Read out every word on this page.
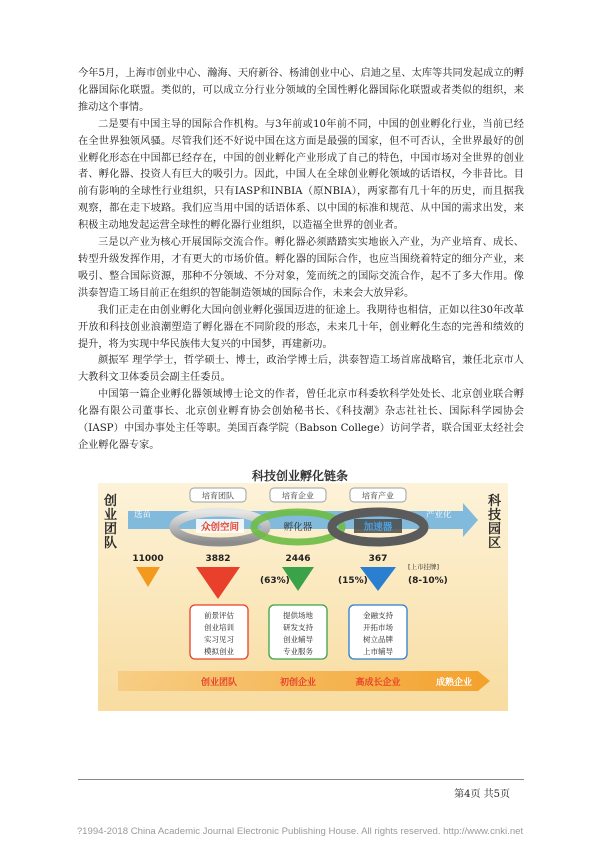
今年5月，上海市创业中心、瀚海、天府新谷、杨浦创业中心、启迪之星、太库等共同发起成立的孵化器国际化联盟。类似的，可以成立分行业分领域的全国性孵化器国际化联盟或者类似的组织，来推动这个事情。

二是要有中国主导的国际合作机构。与3年前或10年前不同，中国的创业孵化行业，当前已经在全世界独领风骚。尽管我们还不好说中国在这方面是最强的国家，但不可否认，全世界最好的创业孵化形态在中国都已经存在，中国的创业孵化产业形成了自己的特色，中国市场对全世界的创业者、孵化器、投资人有巨大的吸引力。因此，中国人在全球创业孵化领域的话语权，今非昔比。目前有影响的全球性行业组织，只有IASP和INBIA（原NBIA），两家都有几十年的历史，而且据我观察，都在走下坡路。我们应当用中国的话语体系、以中国的标准和规范、从中国的需求出发，来积极主动地发起运营全球性的孵化器行业组织，以造福全世界的创业者。

三是以产业为核心开展国际交流合作。孵化器必须踏踏实实地嵌入产业，为产业培育、成长、转型升级发挥作用，才有更大的市场价值。孵化器的国际合作，也应当围绕着特定的细分产业，来吸引、整合国际资源，那种不分领域、不分对象，笼而统之的国际交流合作，起不了多大作用。像洪泰智造工场目前正在组织的智能制造领域的国际合作，未来会大放异彩。

我们正走在由创业孵化大国向创业孵化强国迈进的征途上。我期待也相信，正如以往30年改革开放和科技创业浪潮塑造了孵化器在不同阶段的形态，未来几十年，创业孵化生态的完善和绩效的提升，将为实现中华民族伟大复兴的中国梦，再建新功。

颜振军 理学学士，哲学硕士、博士，政治学博士后，洪泰智造工场首席战略官，兼任北京市人大教科文卫体委员会副主任委员。

中国第一篇企业孵化器领域博士论文的作者，曾任北京市科委软科学处处长、北京创业联合孵化器有限公司董事长、北京创业孵育协会创始秘书长、《科技潮》杂志社社长、国际科学园协会（IASP）中国办事处主任等职。美国百森学院（Babson College）访问学者，联合国亚太经社会企业孵化器专家。

科技创业孵化链条
创业团队
科技园区
选苗	产业化
培育团队	培育企业	培育产业
众创空间	孵化器	加速器
11000	3882	2446	367
(63%)	(15%)
[上市挂牌]
(8-10%)
前景评估
创业培训
实习见习
模拟创业
提供场地
研发支持
创业辅导
专业服务
金融支持
开拓市场
树立品牌
上市辅导
创业团队	初创企业	高成长企业	成熟企业
第4页 共5页
?1994-2018 China Academic Journal Electronic Publishing House. All rights reserved. http://www.cnki.net
